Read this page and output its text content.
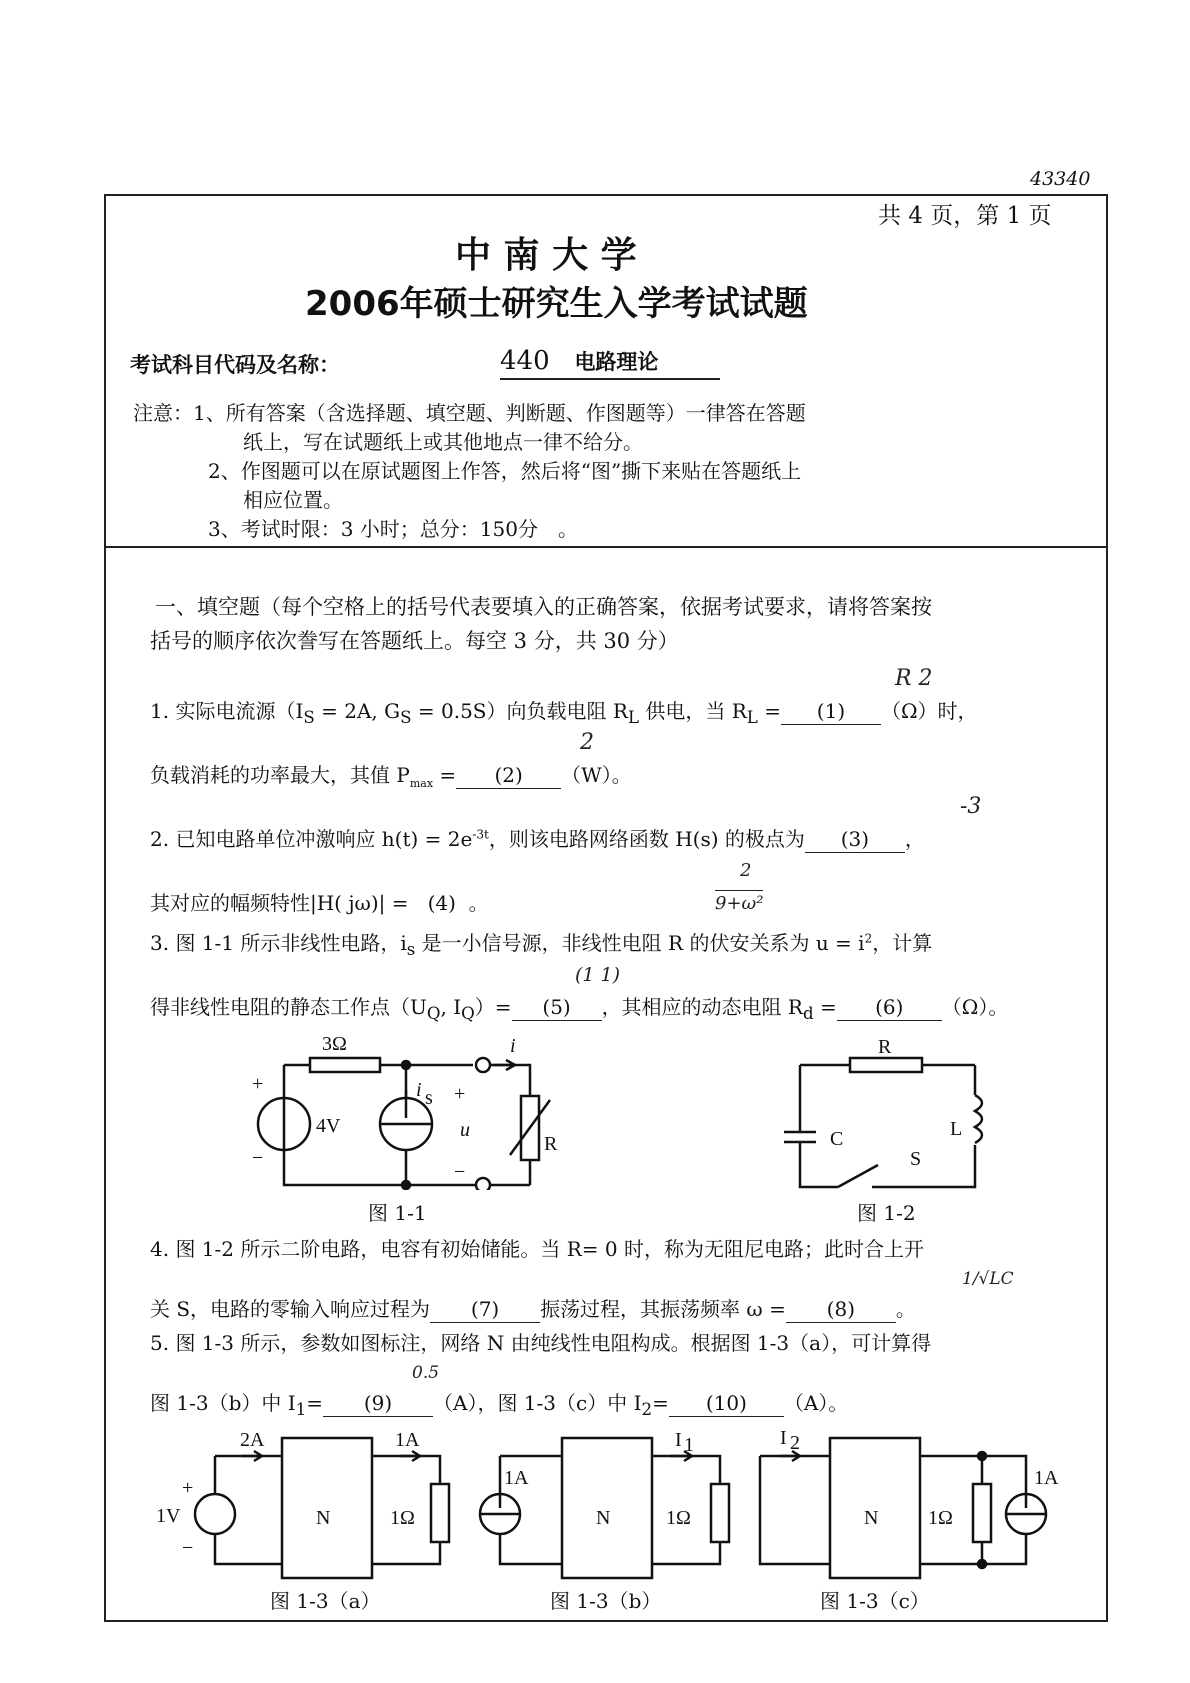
43340
共 4 页，第 1 页
中 南 大 学
2006年硕士研究生入学考试试题
考试科目代码及名称：	440 电路理论
注意：1、所有答案（含选择题、填空题、判断题、作图题等）一律答在答题
纸上，写在试题纸上或其他地点一律不给分。
2、作图题可以在原试题图上作答，然后将“图”撕下来贴在答题纸上
相应位置。
3、考试时限：3 小时；总分：150分　。
一、填空题（每个空格上的括号代表要填入的正确答案，依据考试要求，请将答案按
括号的顺序依次誊写在答题纸上。每空 3 分，共 30 分）
R 2
1. 实际电流源（$I_S = 2A$, $G_S = 0.5S$）向负载电阻 $R_L$ 供电，当 $R_L = (1)$ （Ω）时，
2
负载消耗的功率最大，其值 $P_{max} = (2)$ （W）。
-3
2. 已知电路单位冲激响应 $h(t) = 2e^{-3t}$，则该电路网络函数 H(s) 的极点为 (3) ，
2
其对应的幅频特性|H( jω)| = (4) 。	9+ω²
3. 图 1-1 所示非线性电路，$i_s$ 是一小信号源，非线性电阻 R 的伏安关系为 $u = i^2$，计算
(1 1)
得非线性电阻的静态工作点（$U_Q$, $I_Q)= (5)$ ，其相应的动态电阻 $R_d = (6)$ （Ω）。
3Ω
+
−
4V
i s
i
+
u
−
R
图 1-1
R
C	L
S
图 1-2
4. 图 1-2 所示二阶电路，电容有初始储能。当 R= 0 时，称为无阻尼电路；此时合上开
1/√LC
关 S，电路的零输入响应过程为 (7) 振荡过程，其振荡频率 ω = (8) 。
5. 图 1-3 所示，参数如图标注，网络 N 由纯线性电阻构成。根据图 1-3（a），可计算得
0.5
图 1-3（b）中 $I_1= (9)$ （A），图 1-3（c）中 $I_2= (10)$ （A）。
2A	1A
+
1V
−
N	1Ω
图 1-3（a）
1A
I 1
N	1Ω
图 1-3（b）
I 2
1A
N 1Ω
图 1-3（c）
